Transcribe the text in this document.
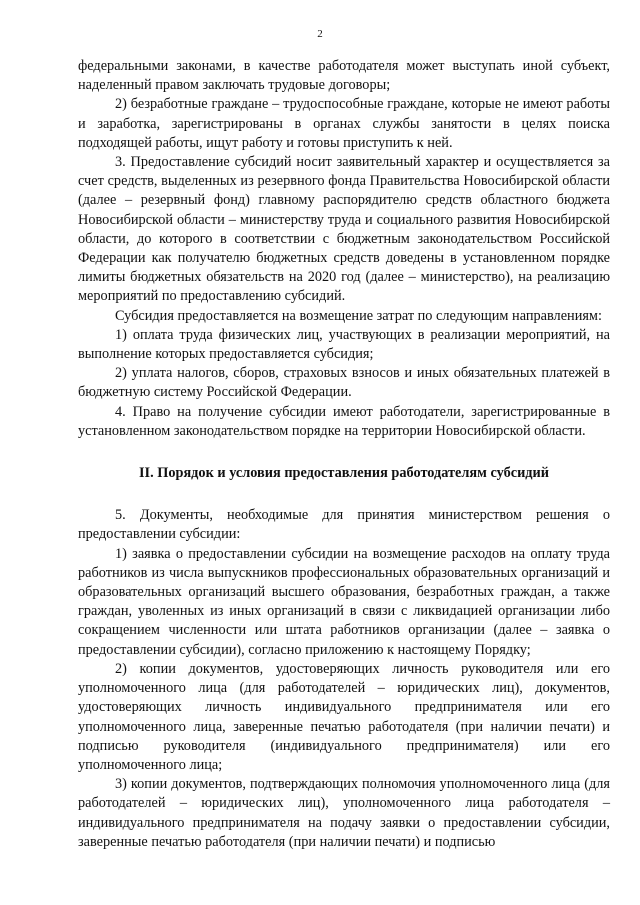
2

федеральными законами, в качестве работодателя может выступать иной субъект, наделенный правом заключать трудовые договоры;

2) безработные граждане – трудоспособные граждане, которые не имеют работы и заработка, зарегистрированы в органах службы занятости в целях поиска подходящей работы, ищут работу и готовы приступить к ней.

3. Предоставление субсидий носит заявительный характер и осуществляется за счет средств, выделенных из резервного фонда Правительства Новосибирской области (далее – резервный фонд) главному распорядителю средств областного бюджета Новосибирской области – министерству труда и социального развития Новосибирской области, до которого в соответствии с бюджетным законодательством Российской Федерации как получателю бюджетных средств доведены в установленном порядке лимиты бюджетных обязательств на 2020 год (далее – министерство), на реализацию мероприятий по предоставлению субсидий.

Субсидия предоставляется на возмещение затрат по следующим направлениям:

1) оплата труда физических лиц, участвующих в реализации мероприятий, на выполнение которых предоставляется субсидия;

2) уплата налогов, сборов, страховых взносов и иных обязательных платежей в бюджетную систему Российской Федерации.

4. Право на получение субсидии имеют работодатели, зарегистрированные в установленном законодательством порядке на территории Новосибирской области.

II. Порядок и условия предоставления работодателям субсидий

5. Документы, необходимые для принятия министерством решения о предоставлении субсидии:

1) заявка о предоставлении субсидии на возмещение расходов на оплату труда работников из числа выпускников профессиональных образовательных организаций и образовательных организаций высшего образования, безработных граждан, а также граждан, уволенных из иных организаций в связи с ликвидацией организации либо сокращением численности или штата работников организации (далее – заявка о предоставлении субсидии), согласно приложению к настоящему Порядку;

2) копии документов, удостоверяющих личность руководителя или его уполномоченного лица (для работодателей – юридических лиц), документов, удостоверяющих личность индивидуального предпринимателя или его уполномоченного лица, заверенные печатью работодателя (при наличии печати) и подписью руководителя (индивидуального предпринимателя) или его уполномоченного лица;

3) копии документов, подтверждающих полномочия уполномоченного лица (для работодателей – юридических лиц), уполномоченного лица работодателя – индивидуального предпринимателя на подачу заявки о предоставлении субсидии, заверенные печатью работодателя (при наличии печати) и подписью
